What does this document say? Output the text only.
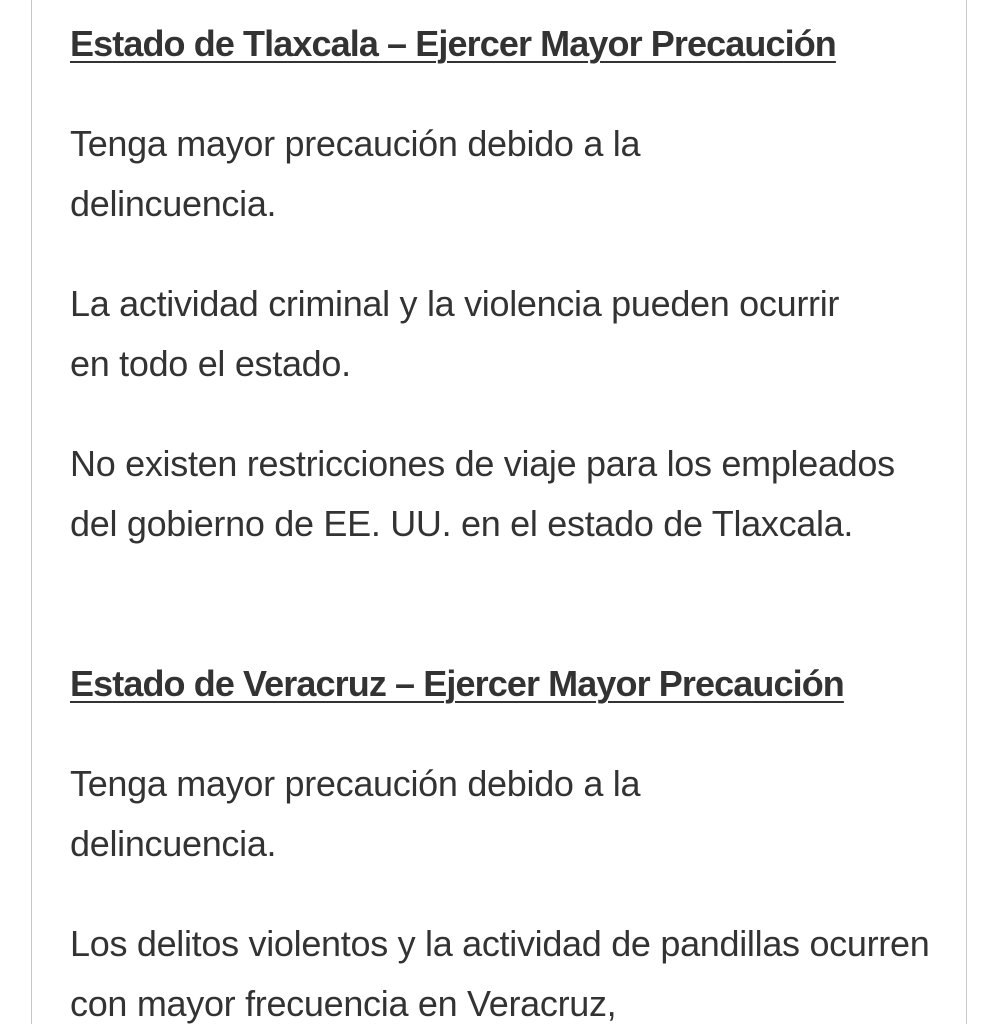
Estado de Tlaxcala – Ejercer Mayor Precaución

Tenga mayor precaución debido a la delincuencia.

La actividad criminal y la violencia pueden ocurrir en todo el estado.

No existen restricciones de viaje para los empleados del gobierno de EE. UU. en el estado de Tlaxcala.

Estado de Veracruz – Ejercer Mayor Precaución

Tenga mayor precaución debido a la delincuencia.

Los delitos violentos y la actividad de pandillas ocurren con mayor frecuencia en Veracruz,
